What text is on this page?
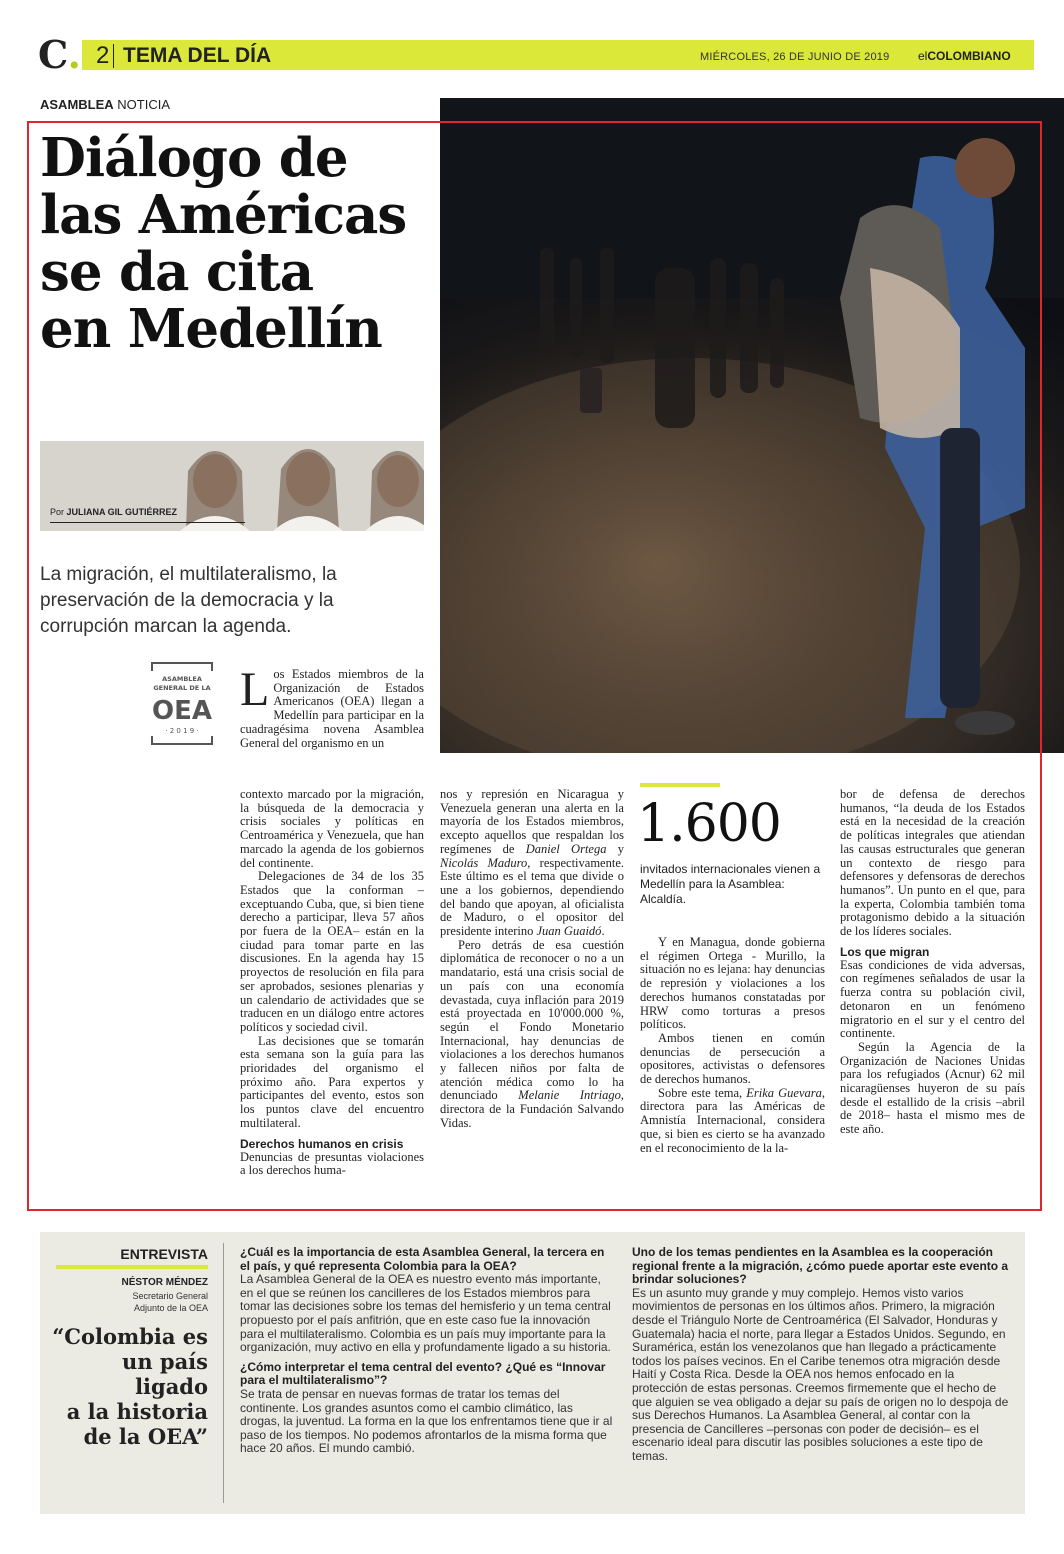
C. 2 TEMA DEL DÍA	MIÉRCOLES, 26 DE JUNIO DE 2019 elCOLOMBIANO
ASAMBLEA NOTICIA
Diálogo de
las Américas
se da cita
en Medellín
Por JULIANA GIL GUTIÉRREZ
La migración, el multilateralismo, la
preservación de la democracia y la
corrupción marcan la agenda.
ASAMBLEA
GENERAL DE LA
OEA
· 2 0 1 9 ·

Los Estados miembros de la Organización de Estados Americanos (OEA) llegan a Medellín para participar en la cuadragésima novena Asamblea General del organismo en un

contexto marcado por la migración, la búsqueda de la democracia y crisis sociales y políticas en Centroamérica y Venezuela, que han marcado la agenda de los gobiernos del continente.

Delegaciones de 34 de los 35 Estados que la conforman –exceptuando Cuba, que, si bien tiene derecho a participar, lleva 57 años por fuera de la OEA– están en la ciudad para tomar parte en las discusiones. En la agenda hay 15 proyectos de resolución en fila para ser aprobados, sesiones plenarias y un calendario de actividades que se traducen en un diálogo entre actores políticos y sociedad civil.

Las decisiones que se tomarán esta semana son la guía para las prioridades del organismo el próximo año. Para expertos y participantes del evento, estos son los puntos clave del encuentro multilateral.

Derechos humanos en crisis

Denuncias de presuntas violaciones a los derechos huma-

nos y represión en Nicaragua y Venezuela generan una alerta en la mayoría de los Estados miembros, excepto aquellos que respaldan los regímenes de Daniel Ortega y Nicolás Maduro, respectivamente. Este último es el tema que divide o une a los gobiernos, dependiendo del bando que apoyan, al oficialista de Maduro, o el opositor del presidente interino Juan Guaidó.

Pero detrás de esa cuestión diplomática de reconocer o no a un mandatario, está una crisis social de un país con una economía devastada, cuya inflación para 2019 está proyectada en 10'000.000 %, según el Fondo Monetario Internacional, hay denuncias de violaciones a los derechos humanos y fallecen niños por falta de atención médica como lo ha denunciado Melanie Intriago, directora de la Fundación Salvando Vidas.

1.600
invitados internacionales vienen a Medellín para la Asamblea: Alcaldía.

Y en Managua, donde gobierna el régimen Ortega - Murillo, la situación no es lejana: hay denuncias de represión y violaciones a los derechos humanos constatadas por HRW como torturas a presos políticos.

Ambos tienen en común denuncias de persecución a opositores, activistas o defensores de derechos humanos.

Sobre este tema, Erika Guevara, directora para las Américas de Amnistía Internacional, considera que, si bien es cierto se ha avanzado en el reconocimiento de la la-

bor de defensa de derechos humanos, “la deuda de los Estados está en la necesidad de la creación de políticas integrales que atiendan las causas estructurales que generan un contexto de riesgo para defensores y defensoras de derechos humanos”. Un punto en el que, para la experta, Colombia también toma protagonismo debido a la situación de los líderes sociales.

Los que migran

Esas condiciones de vida adversas, con regímenes señalados de usar la fuerza contra su población civil, detonaron en un fenómeno migratorio en el sur y el centro del continente.

Según la Agencia de la Organización de Naciones Unidas para los refugiados (Acnur) 62 mil nicaragüenses huyeron de su país desde el estallido de la crisis –abril de 2018– hasta el mismo mes de este año.

ENTREVISTA
NÉSTOR MÉNDEZ
Secretario General
Adjunto de la OEA
“Colombia es
un país ligado
a la historia
de la OEA”

¿Cuál es la importancia de esta Asamblea General, la tercera en el país, y qué representa Colombia para la OEA?
La Asamblea General de la OEA es nuestro evento más importante, en el que se reúnen los cancilleres de los Estados miembros para tomar las decisiones sobre los temas del hemisferio y un tema central propuesto por el país anfitrión, que en este caso fue la innovación para el multilateralismo. Colombia es un país muy importante para la organización, muy activo en ella y profundamente ligado a su historia.

¿Cómo interpretar el tema central del evento? ¿Qué es “Innovar para el multilateralismo”?
Se trata de pensar en nuevas formas de tratar los temas del continente. Los grandes asuntos como el cambio climático, las drogas, la juventud. La forma en la que los enfrentamos tiene que ir al paso de los tiempos. No podemos afrontarlos de la misma forma que hace 20 años. El mundo cambió.

Uno de los temas pendientes en la Asamblea es la cooperación regional frente a la migración, ¿cómo puede aportar este evento a brindar soluciones?
Es un asunto muy grande y muy complejo. Hemos visto varios movimientos de personas en los últimos años. Primero, la migración desde el Triángulo Norte de Centroamérica (El Salvador, Honduras y Guatemala) hacia el norte, para llegar a Estados Unidos. Segundo, en Suramérica, están los venezolanos que han llegado a prácticamente todos los países vecinos. En el Caribe tenemos otra migración desde Haití y Costa Rica. Desde la OEA nos hemos enfocado en la protección de estas personas. Creemos firmemente que el hecho de que alguien se vea obligado a dejar su país de origen no lo despoja de sus Derechos Humanos. La Asamblea General, al contar con la presencia de Cancilleres –personas con poder de decisión– es el escenario ideal para discutir las posibles soluciones a este tipo de temas.
